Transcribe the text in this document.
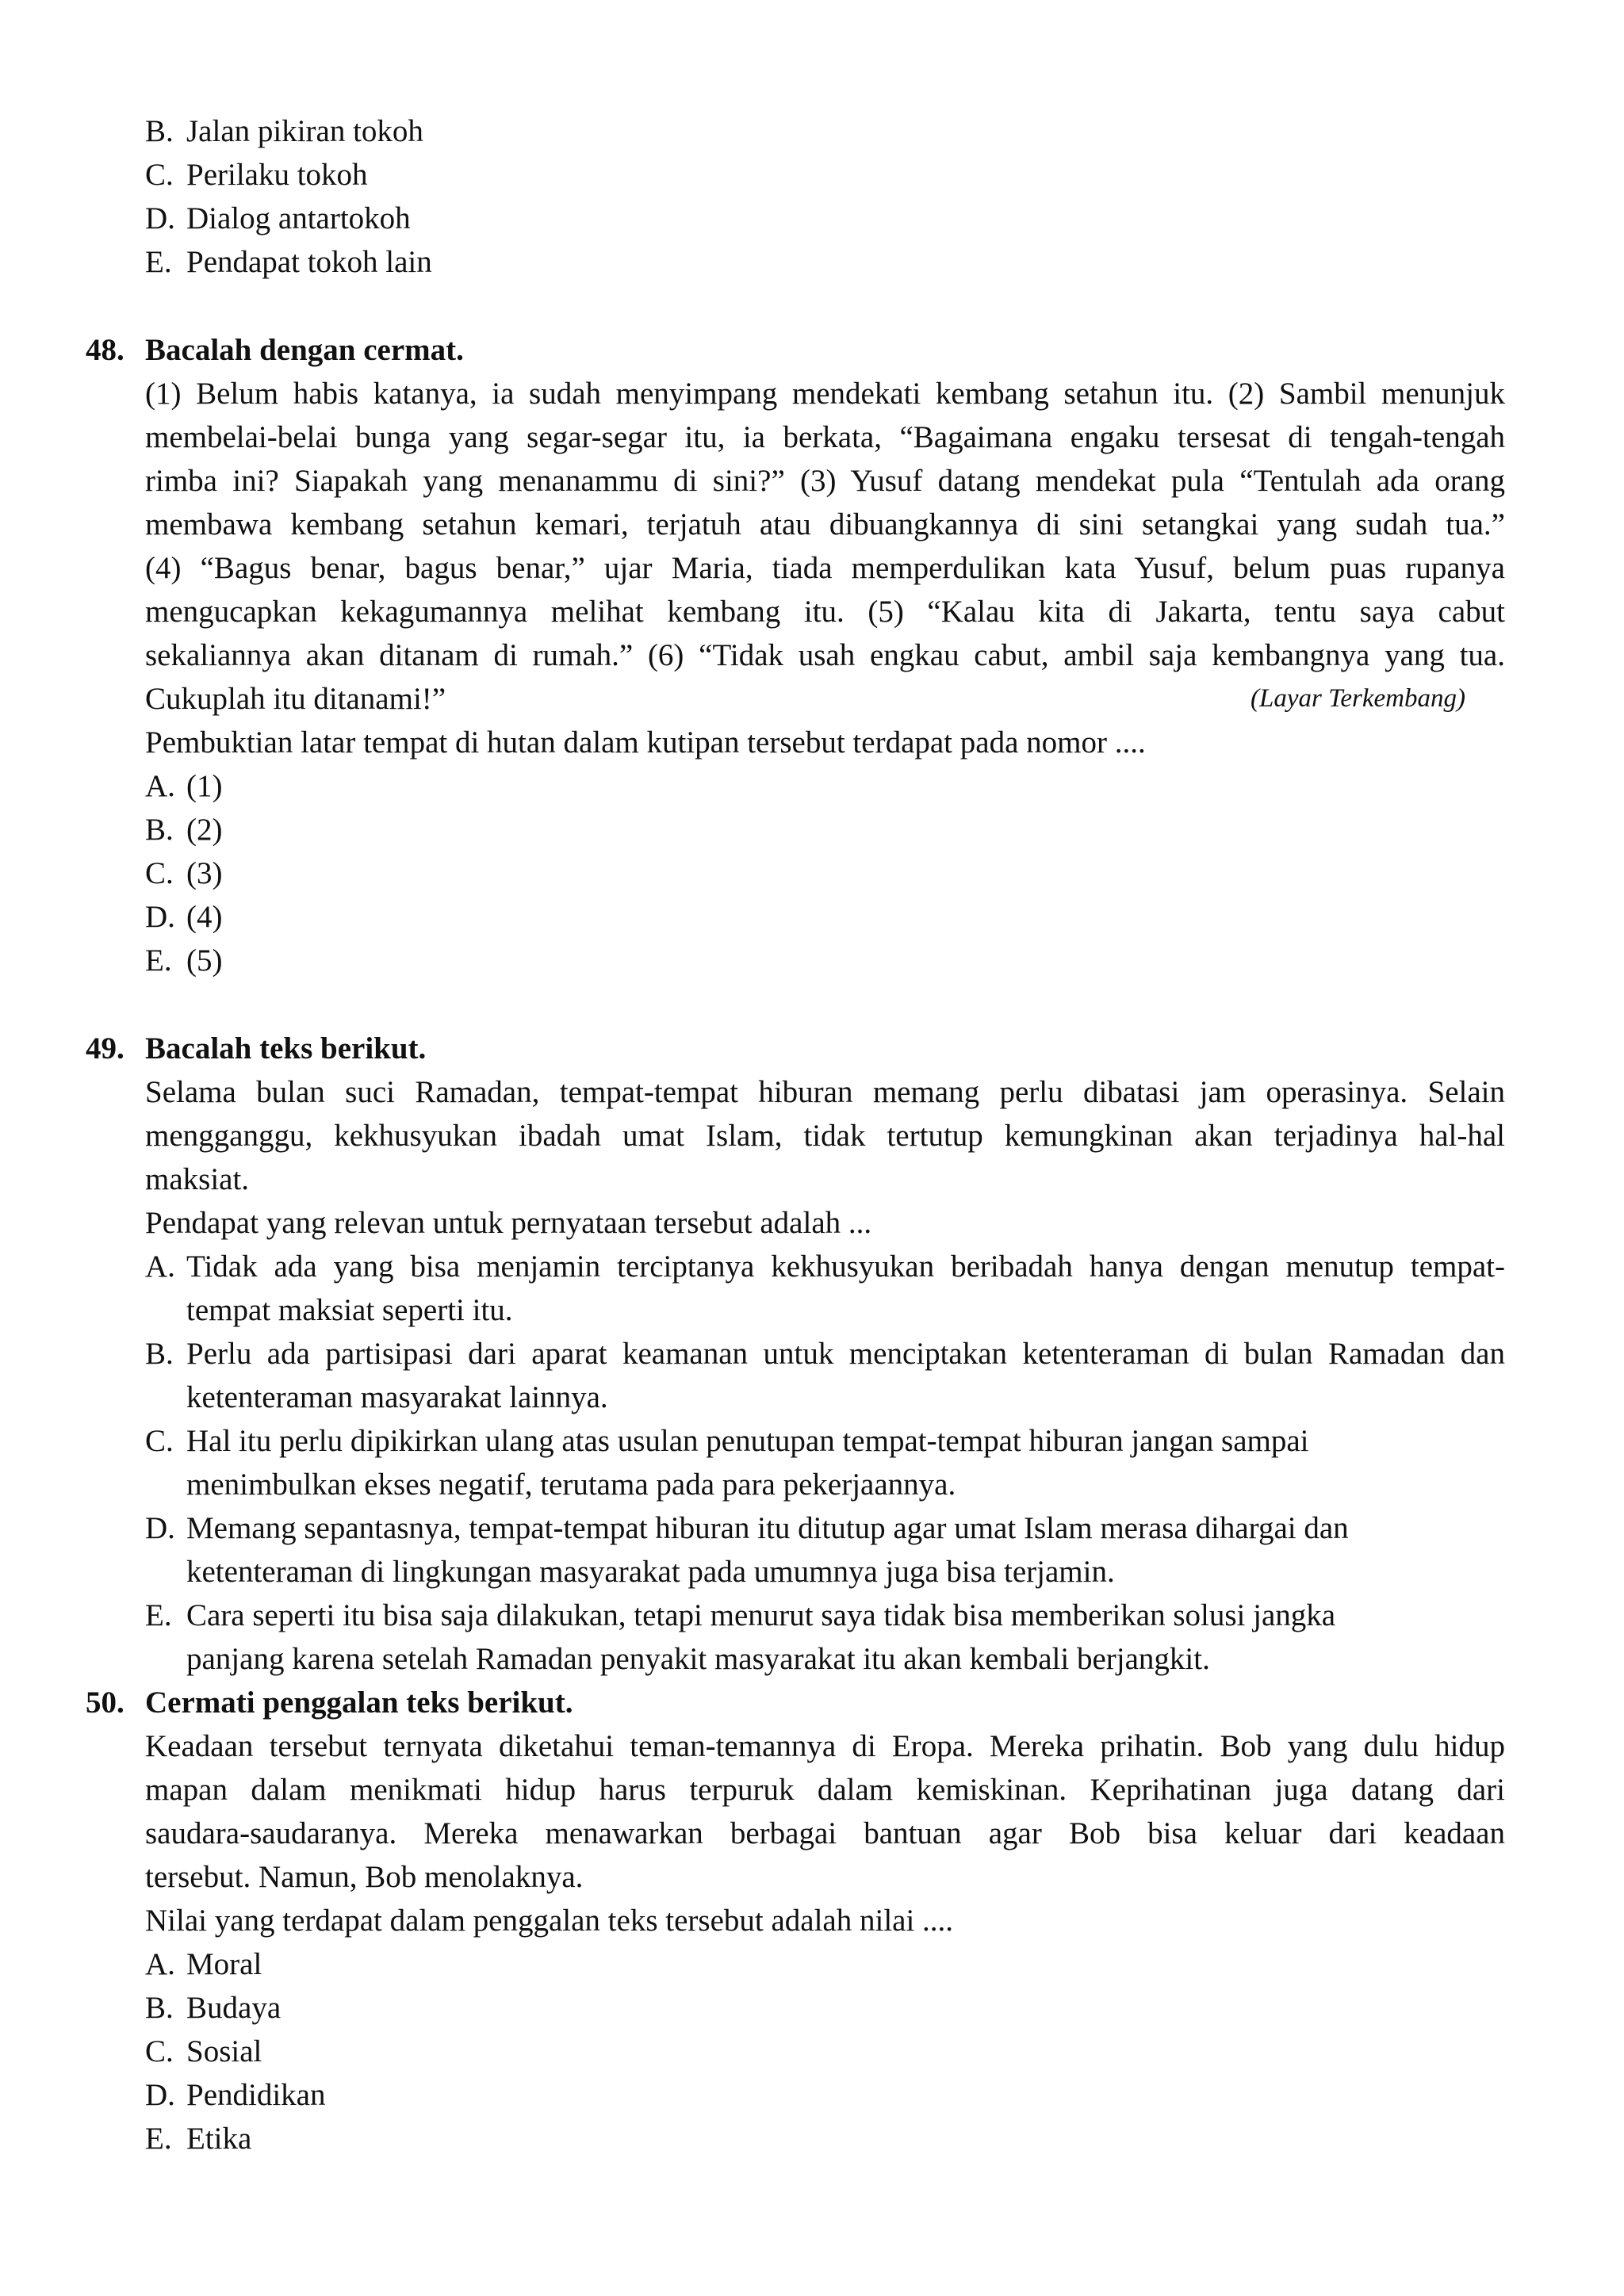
B. Jalan pikiran tokoh
C. Perilaku tokoh
D. Dialog antartokoh
E. Pendapat tokoh lain
48. Bacalah dengan cermat.
(1) Belum habis katanya, ia sudah menyimpang mendekati kembang setahun itu. (2) Sambil menunjuk
membelai-belai bunga yang segar-segar itu, ia berkata, “Bagaimana engaku tersesat di tengah-tengah
rimba ini? Siapakah yang menanammu di sini?” (3) Yusuf datang mendekat pula “Tentulah ada orang
membawa kembang setahun kemari, terjatuh atau dibuangkannya di sini setangkai yang sudah tua.”
(4) “Bagus benar, bagus benar,” ujar Maria, tiada memperdulikan kata Yusuf, belum puas rupanya
mengucapkan kekagumannya melihat kembang itu. (5) “Kalau kita di Jakarta, tentu saya cabut
sekaliannya akan ditanam di rumah.” (6) “Tidak usah engkau cabut, ambil saja kembangnya yang tua.
Cukuplah itu ditanami!”	(Layar Terkembang)
Pembuktian latar tempat di hutan dalam kutipan tersebut terdapat pada nomor ....
A. (1)
B. (2)
C. (3)
D. (4)
E. (5)
49. Bacalah teks berikut.
Selama bulan suci Ramadan, tempat-tempat hiburan memang perlu dibatasi jam operasinya. Selain
mengganggu, kekhusyukan ibadah umat Islam, tidak tertutup kemungkinan akan terjadinya hal-hal
maksiat.
Pendapat yang relevan untuk pernyataan tersebut adalah ...
A. Tidak ada yang bisa menjamin terciptanya kekhusyukan beribadah hanya dengan menutup tempat-
tempat maksiat seperti itu.
B. Perlu ada partisipasi dari aparat keamanan untuk menciptakan ketenteraman di bulan Ramadan dan
ketenteraman masyarakat lainnya.
C. Hal itu perlu dipikirkan ulang atas usulan penutupan tempat-tempat hiburan jangan sampai
menimbulkan ekses negatif, terutama pada para pekerjaannya.
D. Memang sepantasnya, tempat-tempat hiburan itu ditutup agar umat Islam merasa dihargai dan
ketenteraman di lingkungan masyarakat pada umumnya juga bisa terjamin.
E. Cara seperti itu bisa saja dilakukan, tetapi menurut saya tidak bisa memberikan solusi jangka
panjang karena setelah Ramadan penyakit masyarakat itu akan kembali berjangkit.
50. Cermati penggalan teks berikut.
Keadaan tersebut ternyata diketahui teman-temannya di Eropa. Mereka prihatin. Bob yang dulu hidup
mapan dalam menikmati hidup harus terpuruk dalam kemiskinan. Keprihatinan juga datang dari
saudara-saudaranya. Mereka menawarkan berbagai bantuan agar Bob bisa keluar dari keadaan
tersebut. Namun, Bob menolaknya.
Nilai yang terdapat dalam penggalan teks tersebut adalah nilai ....
A. Moral
B. Budaya
C. Sosial
D. Pendidikan
E. Etika
